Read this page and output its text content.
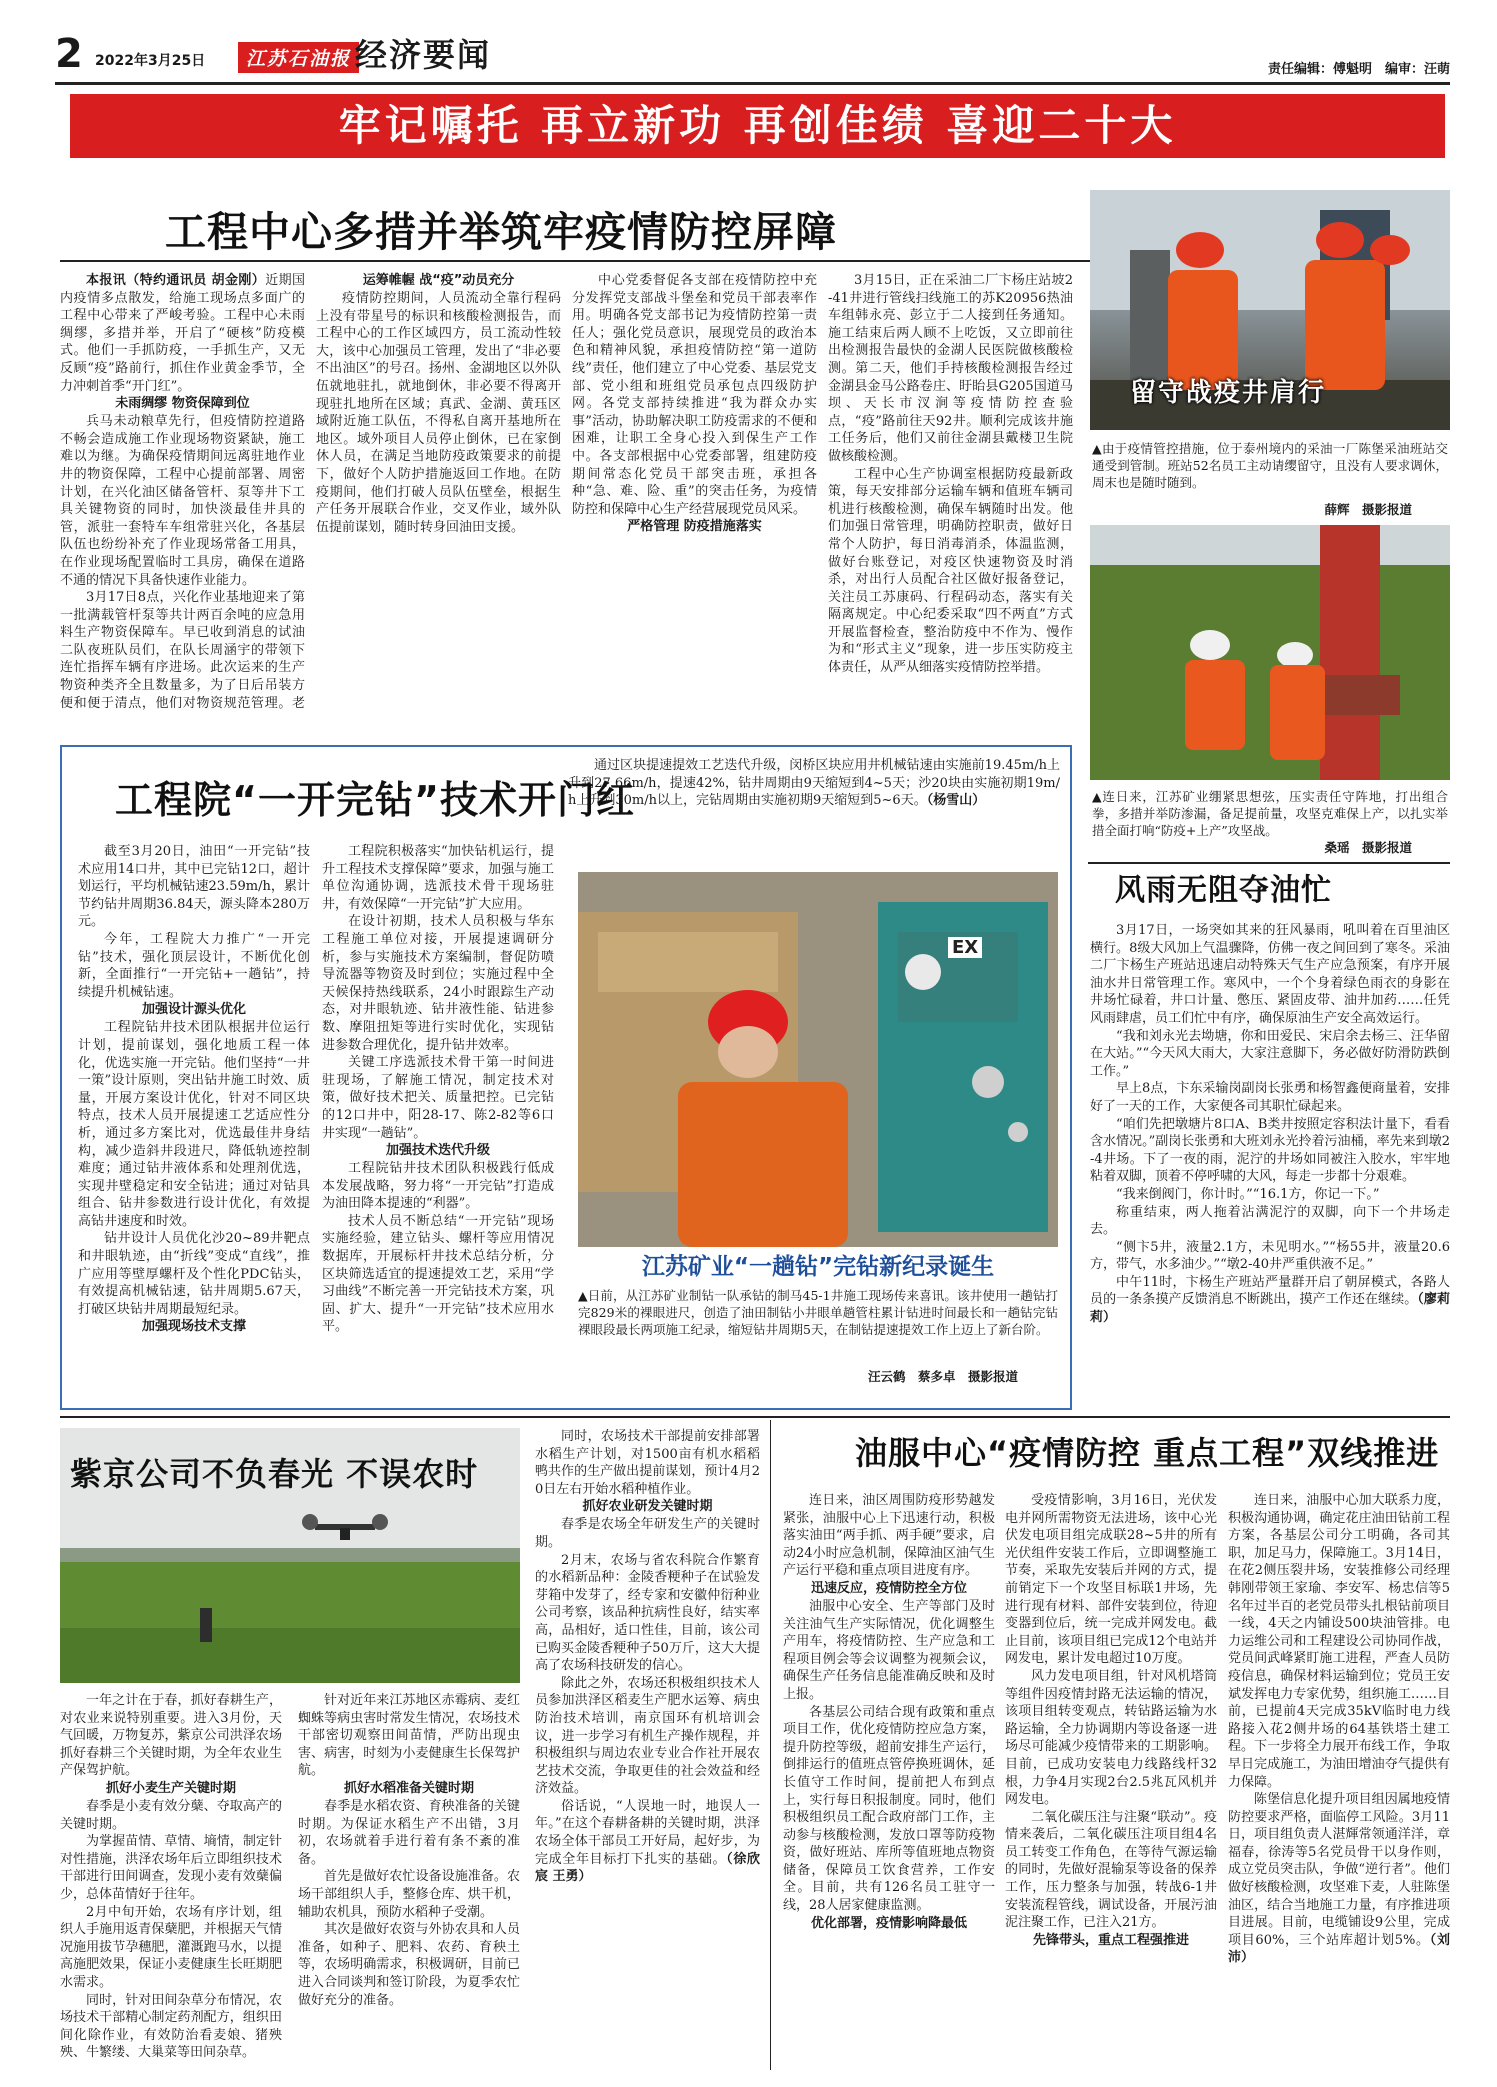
2 2022年3月25日	江苏石油报 经济要闻	责任编辑：傅魁明　编审：汪萌
牢记嘱托 再立新功 再创佳绩 喜迎二十大
工程中心多措并举筑牢疫情防控屏障

本报讯（特约通讯员 胡金刚）近期国内疫情多点散发，给施工现场点多面广的工程中心带来了严峻考验。工程中心未雨绸缪，多措并举，开启了“硬核”防疫模式。他们一手抓防疫，一手抓生产，又无反顾“疫”路前行，抓住作业黄金季节，全力冲刺首季“开门红”。

未雨绸缪 物资保障到位

兵马未动粮草先行，但疫情防控道路不畅会造成施工作业现场物资紧缺，施工难以为继。为确保疫情期间远离驻地作业井的物资保障，工程中心提前部署、周密计划，在兴化油区储备管杆、泵等井下工具关键物资的同时，加快淡最佳井具的管，派驻一套特车车组常驻兴化，各基层队伍也纷纷补充了作业现场常备工用具，在作业现场配置临时工具房，确保在道路不通的情况下具备快速作业能力。

3月17日8点，兴化作业基地迎来了第一批满载管杆泵等共计两百余吨的应急用料生产物资保障车。早已收到消息的试油二队夜班队员们，在队长周涵宇的带领下连忙指挥车辆有序进场。此次运来的生产物资种类齐全且数量多，为了日后吊装方便和便于清点，他们对物资规范管理。老

运筹帷幄 战“疫”动员充分

疫情防控期间，人员流动全靠行程码上没有带星号的标识和核酸检测报告，而工程中心的工作区域四方，员工流动性较大，该中心加强员工管理，发出了“非必要不出油区”的号召。扬州、金湖地区以外队伍就地驻扎，就地倒休，非必要不得离开现驻扎地所在区域；真武、金湖、黄珏区域附近施工队伍，不得私自离开基地所在地区。域外项目人员停止倒休，已在家倒休人员，在满足当地防疫政策要求的前提下，做好个人防护措施返回工作地。在防疫期间，他们打破人员队伍壁垒，根据生产任务开展联合作业，交叉作业，域外队伍提前谋划，随时转身回油田支援。

中心党委督促各支部在疫情防控中充分发挥党支部战斗堡垒和党员干部表率作用。明确各党支部书记为疫情防控第一责任人；强化党员意识，展现党员的政治本色和精神风貌，承担疫情防控“第一道防线”责任，他们建立了中心党委、基层党支部、党小组和班组党员承包点四级防护网。各党支部持续推进“我为群众办实事”活动，协助解决职工防疫需求的不便和困难，让职工全身心投入到保生产工作中。各支部根据中心党委部署，组建防疫期间常态化党员干部突击班，承担各种“急、难、险、重”的突击任务，为疫情防控和保障中心生产经营展现党员风采。

严格管理 防疫措施落实

3月15日，正在采油二厂卞杨庄站坡2-41井进行管线扫线施工的苏K20956热油车组韩永亮、彭立于二人接到任务通知。施工结束后两人顾不上吃饭，又立即前往出检测报告最快的金湖人民医院做核酸检测。第二天，他们手持核酸检测报告经过金湖县金马公路卷庄、盱眙县G205国道马坝、天长市汊涧等疫情防控查验点，“疫”路前往天92井。顺利完成该井施工任务后，他们又前往金湖县戴楼卫生院做核酸检测。

工程中心生产协调室根据防疫最新政策，每天安排部分运输车辆和值班车辆司机进行核酸检测，确保车辆随时出发。他们加强日常管理，明确防控职责，做好日常个人防护，每日消毒消杀，体温监测，做好台账登记，对疫区快速物资及时消杀，对出行人员配合社区做好报备登记，关注员工苏康码、行程码动态，落实有关隔离规定。中心纪委采取“四不两直”方式开展监督检查，整治防疫中不作为、慢作为和“形式主义”现象，进一步压实防疫主体责任，从严从细落实疫情防控举措。

留守战疫井肩行
▲由于疫情管控措施，位于泰州境内的采油一厂陈堡采油班站交通受到管制。班站52名员工主动请缨留守，且没有人要求调休，周末也是随时随到。
薛辉　摄影报道
▲连日来，江苏矿业绷紧思想弦，压实责任守阵地，打出组合拳，多措并举防渗漏，备足提前量，攻坚克难保上产，以扎实举措全面打响“防疫+上产”攻坚战。
桑瑶　摄影报道
工程院“一开完钻”技术开门红

截至3月20日，油田“一开完钻”技术应用14口井，其中已完钻12口，超计划运行，平均机械钻速23.59m/h，累计节约钻井周期36.84天，源头降本280万元。

今年，工程院大力推广“一开完钻”技术，强化顶层设计，不断优化创新，全面推行“一开完钻+一趟钻”，持续提升机械钻速。

加强设计源头优化

工程院钻井技术团队根据井位运行计划，提前谋划，强化地质工程一体化，优选实施一开完钻。他们坚持“一井一策”设计原则，突出钻井施工时效、质量，开展方案设计优化，针对不同区块特点，技术人员开展提速工艺适应性分析，通过多方案比对，优选最佳井身结构，减少造斜井段进尺，降低轨迹控制难度；通过钻井液体系和处理剂优选，实现井壁稳定和安全钻进；通过对钻具组合、钻井参数进行设计优化，有效提高钻井速度和时效。

钻井设计人员优化沙20~89井靶点和井眼轨迹，由“折线”变成“直线”，推广应用等壁厚螺杆及个性化PDC钻头，有效提高机械钻速，钻井周期5.67天，打破区块钻井周期最短纪录。

加强现场技术支撑

工程院积极落实“加快钻机运行，提升工程技术支撑保障”要求，加强与施工单位沟通协调，选派技术骨干现场驻井，有效保障“一开完钻”扩大应用。

在设计初期，技术人员积极与华东工程施工单位对接，开展提速调研分析，参与实施技术方案编制，督促防喷导流器等物资及时到位；实施过程中全天候保持热线联系，24小时跟踪生产动态，对井眼轨迹、钻井液性能、钻进参数、摩阻扭矩等进行实时优化，实现钻进参数合理优化，提升钻井效率。

关键工序选派技术骨干第一时间进驻现场，了解施工情况，制定技术对策，做好技术把关、质量把控。已完钻的12口井中，阳28-17、陈2-82等6口井实现“一趟钻”。

加强技术迭代升级

工程院钻井技术团队积极践行低成本发展战略，努力将“一开完钻”打造成为油田降本提速的“利器”。

技术人员不断总结“一开完钻”现场实施经验，建立钻头、螺杆等应用情况数据库，开展标杆井技术总结分析，分区块筛选适宜的提速提效工艺，采用“学习曲线”不断完善一开完钻技术方案，巩固、扩大、提升“一开完钻”技术应用水平。

通过区块提速提效工艺迭代升级，闵桥区块应用井机械钻速由实施前19.45m/h上升到27.66m/h，提速42%，钻井周期由9天缩短到4~5天；沙20块由实施初期19m/h上升到30m/h以上，完钻周期由实施初期9天缩短到5~6天。（杨雪山）

EX
江苏矿业“一趟钻”完钻新纪录诞生
▲日前，从江苏矿业制钻一队承钻的制马45-1井施工现场传来喜讯。该井使用一趟钻打完829米的裸眼进尺，创造了油田制钻小井眼单趟管柱累计钻进时间最长和一趟钻完钻裸眼段最长两项施工纪录，缩短钻井周期5天，在制钻提速提效工作上迈上了新台阶。
汪云鹤　蔡多卓　摄影报道
风雨无阻夺油忙

3月17日，一场突如其来的狂风暴雨，吼叫着在百里油区横行。8级大风加上气温骤降，仿佛一夜之间回到了寒冬。采油二厂卞杨生产班站迅速启动特殊天气生产应急预案，有序开展油水井日常管理工作。寒风中，一个个身着绿色雨衣的身影在井场忙碌着，井口计量、憋压、紧固皮带、油井加药……任凭风雨肆虐，员工们忙中有序，确保原油生产安全高效运行。

“我和刘永光去坳塘，你和田爱民、宋启余去杨三、汪华留在大站。”“今天风大雨大，大家注意脚下，务必做好防滑防跌倒工作。”

早上8点，卞东采输岗副岗长张勇和杨智鑫便商量着，安排好了一天的工作，大家便各司其职忙碌起来。

“咱们先把墩塘片8口A、B类井按照定容积法计量下，看看含水情况。”副岗长张勇和大班刘永光拎着污油桶，率先来到墩2-4井场。下了一夜的雨，泥泞的井场如同被注入胶水，牢牢地粘着双脚，顶着不停呼啸的大风，每走一步都十分艰难。

“我来倒阀门，你计时。”“16.1方，你记一下。”

称重结束，两人拖着沾满泥泞的双脚，向下一个井场走去。

“侧卞5井，液量2.1方，未见明水。”“杨55井，液量20.6方，带气，水多油少。”“墩2-40井严重供液不足。”

中午11时，卞杨生产班站严量群开启了朝屏模式，各路人员的一条条摸产反馈消息不断跳出，摸产工作还在继续。（廖莉莉）

紫京公司不负春光 不误农时

一年之计在于春，抓好春耕生产，对农业来说特别重要。进入3月份，天气回暖，万物复苏，紫京公司洪泽农场抓好春耕三个关键时期，为全年农业生产保驾护航。

抓好小麦生产关键时期

春季是小麦有效分蘖、夺取高产的关键时期。

为掌握苗情、草情、墒情，制定针对性措施，洪泽农场年后立即组织技术干部进行田间调查，发现小麦有效蘖偏少，总体苗情好于往年。

2月中旬开始，农场有序计划，组织人手施用返青保蘖肥，并根据天气情况施用拔节孕穗肥，灌溉跑马水，以提高施肥效果，保证小麦健康生长旺期肥水需求。

同时，针对田间杂草分布情况，农场技术干部精心制定药剂配方，组织田间化除作业，有效防治看麦娘、猪殃殃、牛繁缕、大巢菜等田间杂草。

针对近年来江苏地区赤霉病、麦红蜘蛛等病虫害时常发生情况，农场技术干部密切观察田间苗情，严防出现虫害、病害，时刻为小麦健康生长保驾护航。

抓好水稻准备关键时期

春季是水稻农资、育秧准备的关键时期。为保证水稻生产不出错，3月初，农场就着手进行着有条不紊的准备。

首先是做好农忙设备设施准备。农场干部组织人手，整修仓库、烘干机，辅助农机具，预防水稻种子受潮。

其次是做好农资与外协农具和人员准备，如种子、肥料、农药、育秧土等，农场明确需求，积极调研，目前已进入合同谈判和签订阶段，为夏季农忙做好充分的准备。

同时，农场技术干部提前安排部署水稻生产计划，对1500亩有机水稻稻鸭共作的生产做出提前谋划，预计4月20日左右开始水稻种植作业。

抓好农业研发关键时期

春季是农场全年研发生产的关键时期。

2月末，农场与省农科院合作繁育的水稻新品种：金陵香粳种子在试验发芽箱中发芽了，经专家和安徽仲衍种业公司考察，该品种抗病性良好，结实率高，品相好，适口性佳，目前，该公司已购买金陵香粳种子50万斤，这大大提高了农场科技研发的信心。

除此之外，农场还积极组织技术人员参加洪泽区稻麦生产肥水运筹、病虫防治技术培训，南京国环有机培训会议，进一步学习有机生产操作规程，并积极组织与周边农业专业合作社开展农艺技术交流，争取更佳的社会效益和经济效益。

俗话说，“人误地一时，地误人一年。”在这个春耕备耕的关键时期，洪泽农场全体干部员工开好局，起好步，为完成全年目标打下扎实的基础。（徐欣宸 王勇）

油服中心“疫情防控 重点工程”双线推进

连日来，油区周围防疫形势越发紧张，油服中心上下迅速行动，积极落实油田“两手抓、两手硬”要求，启动24小时应急机制，保障油区油气生产运行平稳和重点项目进度有序。

迅速反应，疫情防控全方位

油服中心安全、生产等部门及时关注油气生产实际情况，优化调整生产用车，将疫情防控、生产应急和工程项目例会等会议调整为视频会议，确保生产任务信息能准确反映和及时上报。

各基层公司结合现有政策和重点项目工作，优化疫情防控应急方案，提升防控等级，超前安排生产运行，倒排运行的值班点管停换班调休，延长值守工作时间，提前把人布到点上，实行每日积报制度。同时，他们积极组织员工配合政府部门工作，主动参与核酸检测，发放口罩等防疫物资，做好班站、库所等值班地点物资储备，保障员工饮食营养，工作安全。目前，共有126名员工驻守一线，28人居家健康监测。

优化部署，疫情影响降最低

受疫情影响，3月16日，光伏发电并网所需物资无法进场，该中心光伏发电项目组完成联28~5井的所有光伏组件安装工作后，立即调整施工节奏，采取先安装后并网的方式，提前销定下一个攻坚目标联1井场，先进行现有材料、部件安装到位，待迎变器到位后，统一完成并网发电。截止目前，该项目组已完成12个电站并网发电，累计发电超过10万度。

风力发电项目组，针对风机塔筒等组件因疫情封路无法运输的情况，该项目组转变观点，转钻路运输为水路运输，全力协调期内等设备逐一进场尽可能减少疫情带来的工期影响。目前，已成功安装电力线路线杆32根，力争4月实现2台2.5兆瓦风机并网发电。

二氧化碳压注与注聚“联动”。疫情来袭后，二氧化碳压注项目组4名员工转变工作角色，在等待气源运输的同时，先做好混输泵等设备的保养工作，压力整条与加强，转战6-1井安装流程管线，调试设备，开展污油泥注聚工作，已注入21方。

先锋带头，重点工程强推进

连日来，油服中心加大联系力度，积极沟通协调，确定花庄油田钻前工程方案，各基层公司分工明确，各司其职，加足马力，保障施工。3月14日，在花2侧压裂井场，安装推修公司经理韩刚带领王家瑜、李安军、杨忠信等5名年过半百的老党员带头扎根钻前项目一线，4天之内铺设500块油管排。电力运维公司和工程建设公司协同作战，党员间武峰紧盯施工进程，严查人员防疫信息，确保材料运输到位；党员王安斌发挥电力专家优势，组织施工……目前，已提前4天完成35kV临时电力线路接入花2侧井场的64基铁塔土建工程。下一步将全力展开布线工作，争取早日完成施工，为油田增油夺气提供有力保障。

陈堡信息化提升项目组因属地疫情防控要求严格，面临停工风险。3月11日，项目组负责人湛輝常领通洋洋，章福春，徐涛等5名党员骨干以身作则，成立党员突击队，争做“逆行者”。他们做好核酸检测，攻坚难下麦，人驻陈堡油区，结合当地施工力量，有序推进项目进展。目前，电缆铺设9公里，完成项目60%，三个站库超计划5%。（刘沛）
